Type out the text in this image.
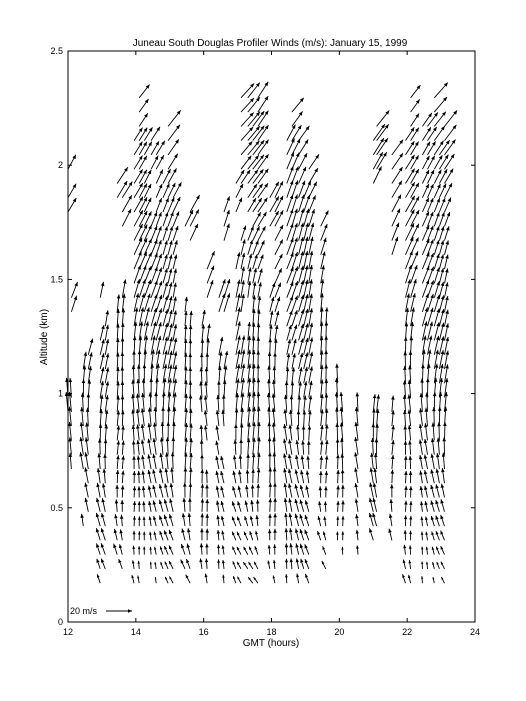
Juneau South Douglas Profiler Winds (m/s): January 15, 1999
12	14	16	18	20	22	24
0
0.5
1
1.5
2
2.5
20 m/s
GMT (hours)
Altitude (km)
